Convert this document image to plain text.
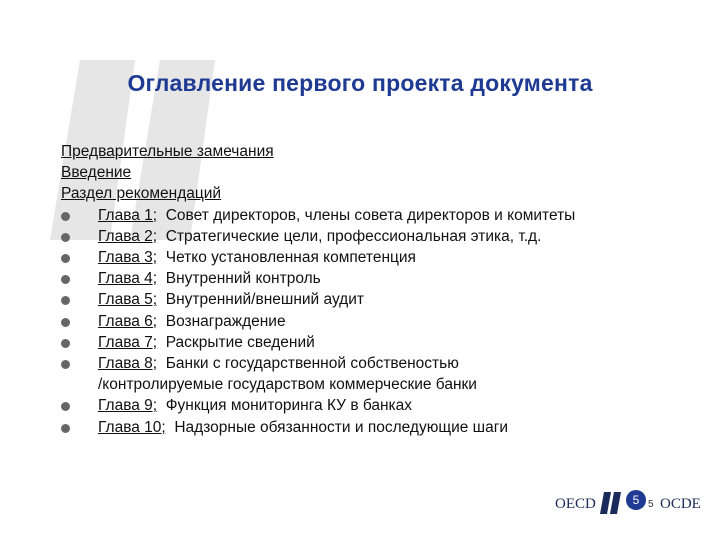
Оглавление первого проекта документа
Предварительные замечания
Введение
Раздел рекомендаций
Глава 1; Совет директоров, члены совета директоров и комитеты
Глава 2; Стратегические цели, профессиональная этика, т.д.
Глава 3; Четко установленная компетенция
Глава 4; Внутренний контроль
Глава 5; Внутренний/внешний аудит
Глава 6; Вознаграждение
Глава 7; Раскрытие сведений
Глава 8; Банки с государственной собственостью
/контролируемые государством коммерческие банки
Глава 9; Функция мониторинга КУ в банках
Глава 10; Надзорные обязанности и последующие шаги
OECD	5 5 OCDE
